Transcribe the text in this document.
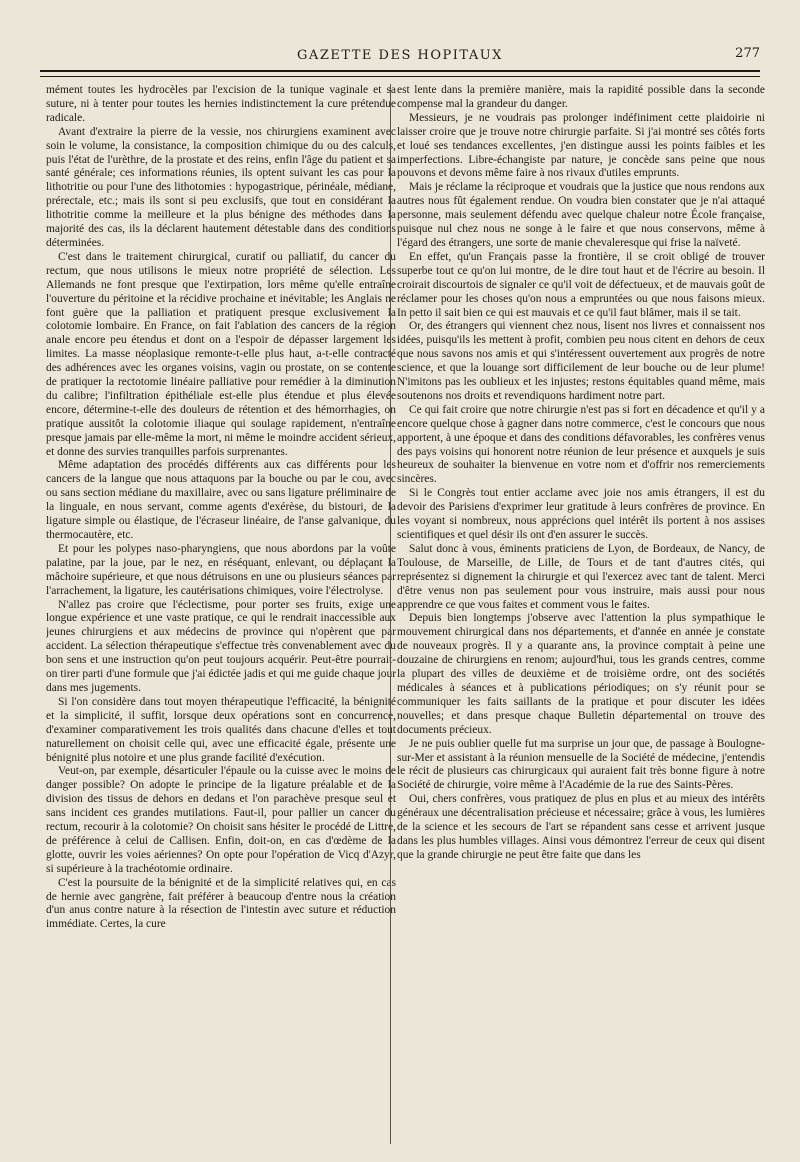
GAZETTE DES HOPITAUX	277

mément toutes les hydrocèles par l'excision de la tunique vaginale et sa suture, ni à tenter pour toutes les hernies indistinctement la cure prétendue radicale.

Avant d'extraire la pierre de la vessie, nos chirurgiens examinent avec soin le volume, la consistance, la composition chimique du ou des calculs, puis l'état de l'urèthre, de la prostate et des reins, enfin l'âge du patient et sa santé générale; ces informations réunies, ils optent suivant les cas pour la lithotritie ou pour l'une des lithotomies : hypogastrique, périnéale, médiane, prérectale, etc.; mais ils sont si peu exclusifs, que tout en considérant la lithotritie comme la meilleure et la plus bénigne des méthodes dans la majorité des cas, ils la déclarent hautement détestable dans des conditions déterminées.

C'est dans le traitement chirurgical, curatif ou palliatif, du cancer du rectum, que nous utilisons le mieux notre propriété de sélection. Les Allemands ne font presque que l'extirpation, lors même qu'elle entraîne l'ouverture du péritoine et la récidive prochaine et inévitable; les Anglais ne font guère que la palliation et pratiquent presque exclusivement la colotomie lombaire. En France, on fait l'ablation des cancers de la région anale encore peu étendus et dont on a l'espoir de dépasser largement les limites. La masse néoplasique remonte-t-elle plus haut, a-t-elle contracté des adhérences avec les organes voisins, vagin ou prostate, on se contente de pratiquer la rectotomie linéaire palliative pour remédier à la diminution du calibre; l'infiltration épithéliale est-elle plus étendue et plus élevée encore, détermine-t-elle des douleurs de rétention et des hémorrhagies, on pratique aussitôt la colotomie iliaque qui soulage rapidement, n'entraîne presque jamais par elle-même la mort, ni même le moindre accident sérieux, et donne des survies tranquilles parfois surprenantes.

Même adaptation des procédés différents aux cas différents pour les cancers de la langue que nous attaquons par la bouche ou par le cou, avec ou sans section médiane du maxillaire, avec ou sans ligature préliminaire de la linguale, en nous servant, comme agents d'exérèse, du bistouri, de la ligature simple ou élastique, de l'écraseur linéaire, de l'anse galvanique, du thermocautère, etc.

Et pour les polypes naso-pharyngiens, que nous abordons par la voûte palatine, par la joue, par le nez, en réséquant, enlevant, ou déplaçant la mâchoire supérieure, et que nous détruisons en une ou plusieurs séances par l'arrachement, la ligature, les cautérisations chimiques, voire l'électrolyse.

N'allez pas croire que l'éclectisme, pour porter ses fruits, exige une longue expérience et une vaste pratique, ce qui le rendrait inaccessible aux jeunes chirurgiens et aux médecins de province qui n'opèrent que par accident. La sélection thérapeutique s'effectue très convenablement avec du bon sens et une instruction qu'on peut toujours acquérir. Peut-être pourrait-on tirer parti d'une formule que j'ai édictée jadis et qui me guide chaque jour dans mes jugements.

Si l'on considère dans tout moyen thérapeutique l'efficacité, la bénignité et la simplicité, il suffit, lorsque deux opérations sont en concurrence, d'examiner comparativement les trois qualités dans chacune d'elles et tout naturellement on choisit celle qui, avec une efficacité égale, présente une bénignité plus notoire et une plus grande facilité d'exécution.

Veut-on, par exemple, désarticuler l'épaule ou la cuisse avec le moins de danger possible? On adopte le principe de la ligature préalable et de la division des tissus de dehors en dedans et l'on parachève presque seul et sans incident ces grandes mutilations. Faut-il, pour pallier un cancer du rectum, recourir à la colotomie? On choisit sans hésiter le procédé de Littre, de préférence à celui de Callisen. Enfin, doit-on, en cas d'œdème de la glotte, ouvrir les voies aériennes? On opte pour l'opération de Vicq d'Azyr, si supérieure à la trachéotomie ordinaire.

C'est la poursuite de la bénignité et de la simplicité relatives qui, en cas de hernie avec gangrène, fait préférer à beaucoup d'entre nous la création d'un anus contre nature à la résection de l'intestin avec suture et réduction immédiate. Certes, la cure

est lente dans la première manière, mais la rapidité possible dans la seconde compense mal la grandeur du danger.

Messieurs, je ne voudrais pas prolonger indéfiniment cette plaidoirie ni laisser croire que je trouve notre chirurgie parfaite. Si j'ai montré ses côtés forts et loué ses tendances excellentes, j'en distingue aussi les points faibles et les imperfections. Libre-échangiste par nature, je concède sans peine que nous pouvons et devons même faire à nos rivaux d'utiles emprunts.

Mais je réclame la réciproque et voudrais que la justice que nous rendons aux autres nous fût également rendue. On voudra bien constater que je n'ai attaqué personne, mais seulement défendu avec quelque chaleur notre École française, puisque nul chez nous ne songe à le faire et que nous conservons, même à l'égard des étrangers, une sorte de manie chevaleresque qui frise la naïveté.

En effet, qu'un Français passe la frontière, il se croit obligé de trouver superbe tout ce qu'on lui montre, de le dire tout haut et de l'écrire au besoin. Il croirait discourtois de signaler ce qu'il voit de défectueux, et de mauvais goût de réclamer pour les choses qu'on nous a empruntées ou que nous faisons mieux. In petto il sait bien ce qui est mauvais et ce qu'il faut blâmer, mais il se tait.

Or, des étrangers qui viennent chez nous, lisent nos livres et connaissent nos idées, puisqu'ils les mettent à profit, combien peu nous citent en dehors de ceux que nous savons nos amis et qui s'intéressent ouvertement aux progrès de notre science, et que la louange sort difficilement de leur bouche ou de leur plume! N'imitons pas les oublieux et les injustes; restons équitables quand même, mais soutenons nos droits et revendiquons hardiment notre part.

Ce qui fait croire que notre chirurgie n'est pas si fort en décadence et qu'il y a encore quelque chose à gagner dans notre commerce, c'est le concours que nous apportent, à une époque et dans des conditions défavorables, les confrères venus des pays voisins qui honorent notre réunion de leur présence et auxquels je suis heureux de souhaiter la bienvenue en votre nom et d'offrir nos remerciements sincères.

Si le Congrès tout entier acclame avec joie nos amis étrangers, il est du devoir des Parisiens d'exprimer leur gratitude à leurs confrères de province. En les voyant si nombreux, nous apprécions quel intérêt ils portent à nos assises scientifiques et quel désir ils ont d'en assurer le succès.

Salut donc à vous, éminents praticiens de Lyon, de Bordeaux, de Nancy, de Toulouse, de Marseille, de Lille, de Tours et de tant d'autres cités, qui représentez si dignement la chirurgie et qui l'exercez avec tant de talent. Merci d'être venus non pas seulement pour vous instruire, mais aussi pour nous apprendre ce que vous faites et comment vous le faites.

Depuis bien longtemps j'observe avec l'attention la plus sympathique le mouvement chirurgical dans nos départements, et d'année en année je constate de nouveaux progrès. Il y a quarante ans, la province comptait à peine une douzaine de chirurgiens en renom; aujourd'hui, tous les grands centres, comme la plupart des villes de deuxième et de troisième ordre, ont des sociétés médicales à séances et à publications périodiques; on s'y réunit pour se communiquer les faits saillants de la pratique et pour discuter les idées nouvelles; et dans presque chaque Bulletin départemental on trouve des documents précieux.

Je ne puis oublier quelle fut ma surprise un jour que, de passage à Boulogne-sur-Mer et assistant à la réunion mensuelle de la Société de médecine, j'entendis le récit de plusieurs cas chirurgicaux qui auraient fait très bonne figure à notre Société de chirurgie, voire même à l'Académie de la rue des Saints-Pères.

Oui, chers confrères, vous pratiquez de plus en plus et au mieux des intérêts généraux une décentralisation précieuse et nécessaire; grâce à vous, les lumières de la science et les secours de l'art se répandent sans cesse et arrivent jusque dans les plus humbles villages. Ainsi vous démontrez l'erreur de ceux qui disent que la grande chirurgie ne peut être faite que dans les
